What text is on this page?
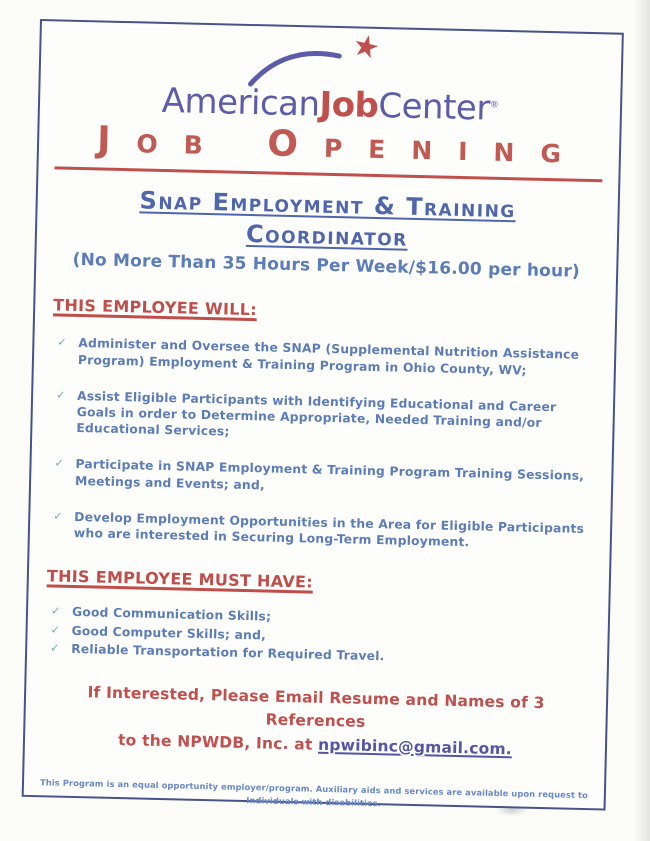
★
AmericanJobCenter®
Job Opening
Snap Employment & Training
Coordinator
(No More Than 35 Hours Per Week/$16.00 per hour)
THIS EMPLOYEE WILL:
✓ Administer and Oversee the SNAP (Supplemental Nutrition Assistance Program) Employment & Training Program in Ohio County, WV;
✓ Assist Eligible Participants with Identifying Educational and Career Goals in order to Determine Appropriate, Needed Training and/or Educational Services;
✓ Participate in SNAP Employment & Training Program Training Sessions, Meetings and Events; and,
✓ Develop Employment Opportunities in the Area for Eligible Participants who are interested in Securing Long-Term Employment.
THIS EMPLOYEE MUST HAVE:
✓ Good Communication Skills;
✓ Good Computer Skills; and,
✓ Reliable Transportation for Required Travel.
If Interested, Please Email Resume and Names of 3 References
to the NPWDB, Inc. at npwibinc@gmail.com.
This Program is an equal opportunity employer/program. Auxiliary aids and services are available upon request to Individuals with disabilities.
